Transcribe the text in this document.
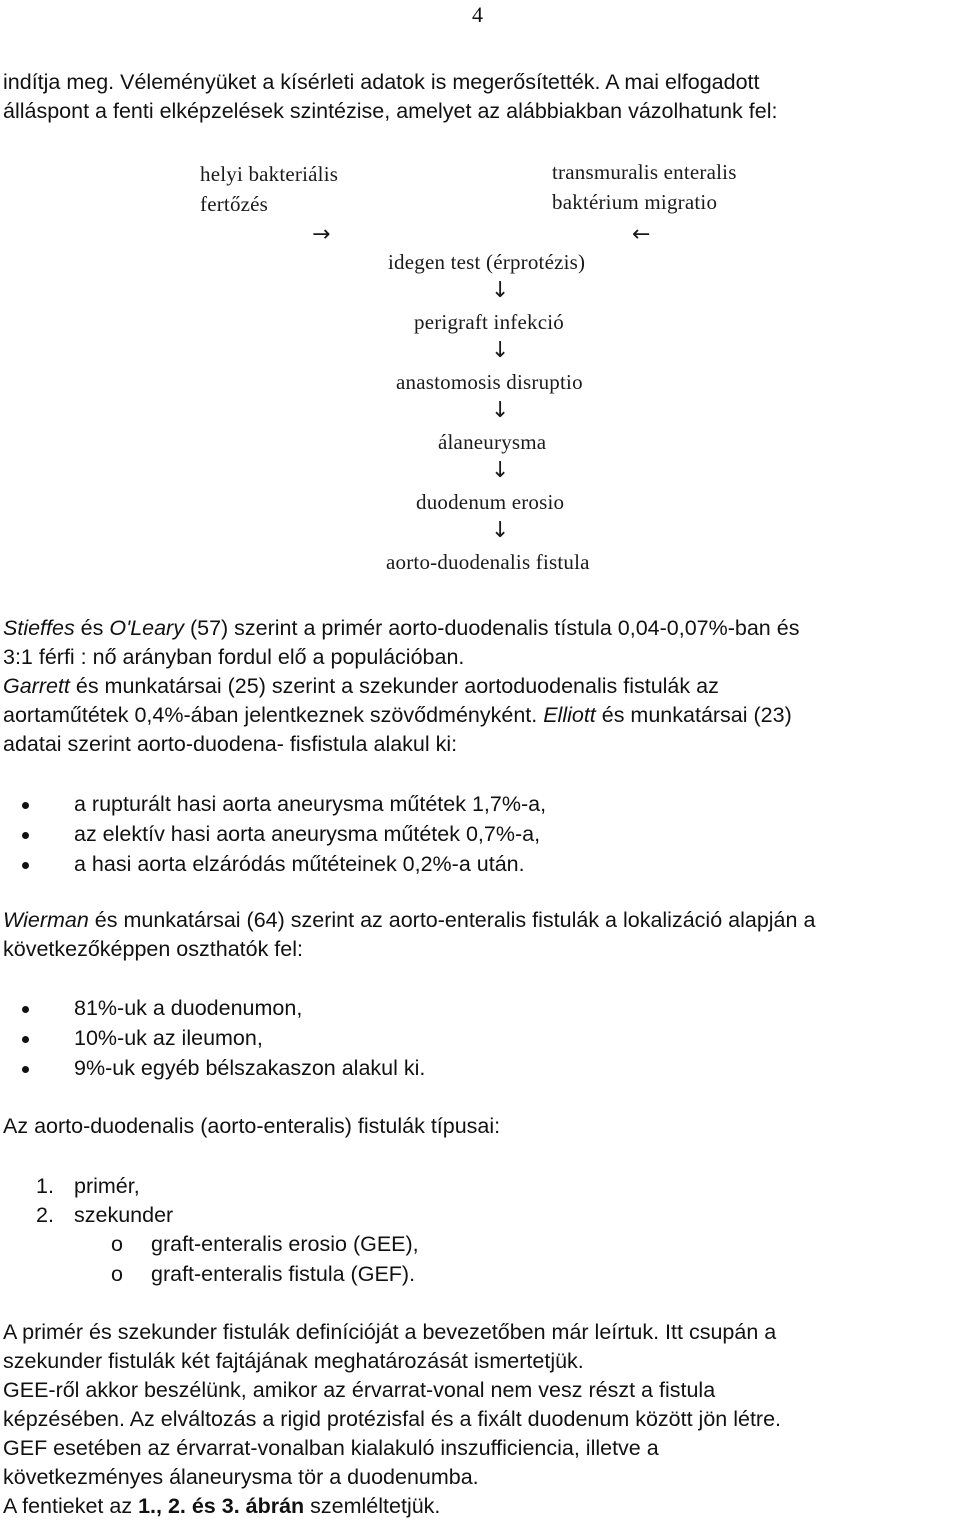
4

indítja meg. Véleményüket a kísérleti adatok is megerősítették. A mai elfogadott

álláspont a fenti elképzelések szintézise, amelyet az alábbiakban vázolhatunk fel:

helyi bakteriális
fertőzés
transmuralis enteralis
baktérium migratio
→	←
idegen test (érprotézis)
↓
perigraft infekció
↓
anastomosis disruptio
↓
álaneurysma
↓
duodenum erosio
↓
aorto-duodenalis fistula

Stieffes és O'Leary (57) szerint a primér aorto-duodenalis tístula 0,04-0,07%-ban és

3:1 férfi : nő arányban fordul elő a populációban.

Garrett és munkatársai (25) szerint a szekunder aortoduodenalis fistulák az

aortaműtétek 0,4%-ában jelentkeznek szövődményként. Elliott és munkatársai (23)

adatai szerint aorto-duodena- fisfistula alakul ki:

a rupturált hasi aorta aneurysma műtétek 1,7%-a,
az elektív hasi aorta aneurysma műtétek 0,7%-a,
a hasi aorta elzáródás műtéteinek 0,2%-a után.

Wierman és munkatársai (64) szerint az aorto-enteralis fistulák a lokalizáció alapján a

következőképpen oszthatók fel:

81%-uk a duodenumon,
10%-uk az ileumon,
9%-uk egyéb bélszakaszon alakul ki.
Az aorto-duodenalis (aorto-enteralis) fistulák típusai:
1. primér,
2. szekunder
o graft-enteralis erosio (GEE),
o graft-enteralis fistula (GEF).

A primér és szekunder fistulák definícióját a bevezetőben már leírtuk. Itt csupán a

szekunder fistulák két fajtájának meghatározását ismertetjük.

GEE-ről akkor beszélünk, amikor az érvarrat-vonal nem vesz részt a fistula

képzésében. Az elváltozás a rigid protézisfal és a fixált duodenum között jön létre.

GEF esetében az érvarrat-vonalban kialakuló inszufficiencia, illetve a

következményes álaneurysma tör a duodenumba.

A fentieket az 1., 2. és 3. ábrán szemléltetjük.
